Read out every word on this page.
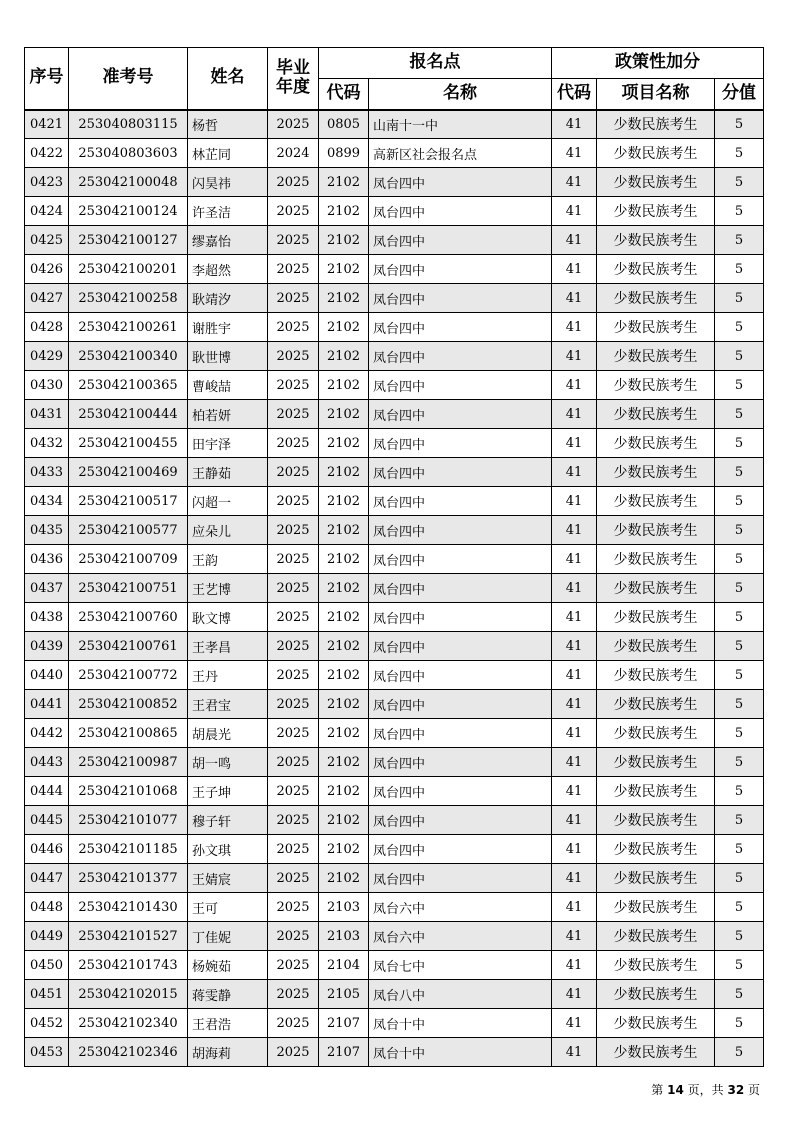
序号	准考号	姓名	毕业
年度	报名点		政策性加分		
				代码	名称	代码	项目名称	分值
0421	253040803115	杨哲	2025	0805	山南十一中	41	少数民族考生	5
0422	253040803603	林芷同	2024	0899	高新区社会报名点	41	少数民族考生	5
0423	253042100048	闪昊祎	2025	2102	凤台四中	41	少数民族考生	5
0424	253042100124	许圣洁	2025	2102	凤台四中	41	少数民族考生	5
0425	253042100127	缪嘉怡	2025	2102	凤台四中	41	少数民族考生	5
0426	253042100201	李超然	2025	2102	凤台四中	41	少数民族考生	5
0427	253042100258	耿靖汐	2025	2102	凤台四中	41	少数民族考生	5
0428	253042100261	谢胜宇	2025	2102	凤台四中	41	少数民族考生	5
0429	253042100340	耿世博	2025	2102	凤台四中	41	少数民族考生	5
0430	253042100365	曹峻喆	2025	2102	凤台四中	41	少数民族考生	5
0431	253042100444	柏若妍	2025	2102	凤台四中	41	少数民族考生	5
0432	253042100455	田宇泽	2025	2102	凤台四中	41	少数民族考生	5
0433	253042100469	王静茹	2025	2102	凤台四中	41	少数民族考生	5
0434	253042100517	闪超一	2025	2102	凤台四中	41	少数民族考生	5
0435	253042100577	应朵儿	2025	2102	凤台四中	41	少数民族考生	5
0436	253042100709	王韵	2025	2102	凤台四中	41	少数民族考生	5
0437	253042100751	王艺博	2025	2102	凤台四中	41	少数民族考生	5
0438	253042100760	耿文博	2025	2102	凤台四中	41	少数民族考生	5
0439	253042100761	王孝昌	2025	2102	凤台四中	41	少数民族考生	5
0440	253042100772	王丹	2025	2102	凤台四中	41	少数民族考生	5
0441	253042100852	王君宝	2025	2102	凤台四中	41	少数民族考生	5
0442	253042100865	胡晨光	2025	2102	凤台四中	41	少数民族考生	5
0443	253042100987	胡一鸣	2025	2102	凤台四中	41	少数民族考生	5
0444	253042101068	王子坤	2025	2102	凤台四中	41	少数民族考生	5
0445	253042101077	穆子轩	2025	2102	凤台四中	41	少数民族考生	5
0446	253042101185	孙文琪	2025	2102	凤台四中	41	少数民族考生	5
0447	253042101377	王婧宸	2025	2102	凤台四中	41	少数民族考生	5
0448	253042101430	王可	2025	2103	凤台六中	41	少数民族考生	5
0449	253042101527	丁佳妮	2025	2103	凤台六中	41	少数民族考生	5
0450	253042101743	杨婉茹	2025	2104	凤台七中	41	少数民族考生	5
0451	253042102015	蒋雯静	2025	2105	凤台八中	41	少数民族考生	5
0452	253042102340	王君浩	2025	2107	凤台十中	41	少数民族考生	5
0453	253042102346	胡海莉	2025	2107	凤台十中	41	少数民族考生	5
第 14 页，共 32 页
